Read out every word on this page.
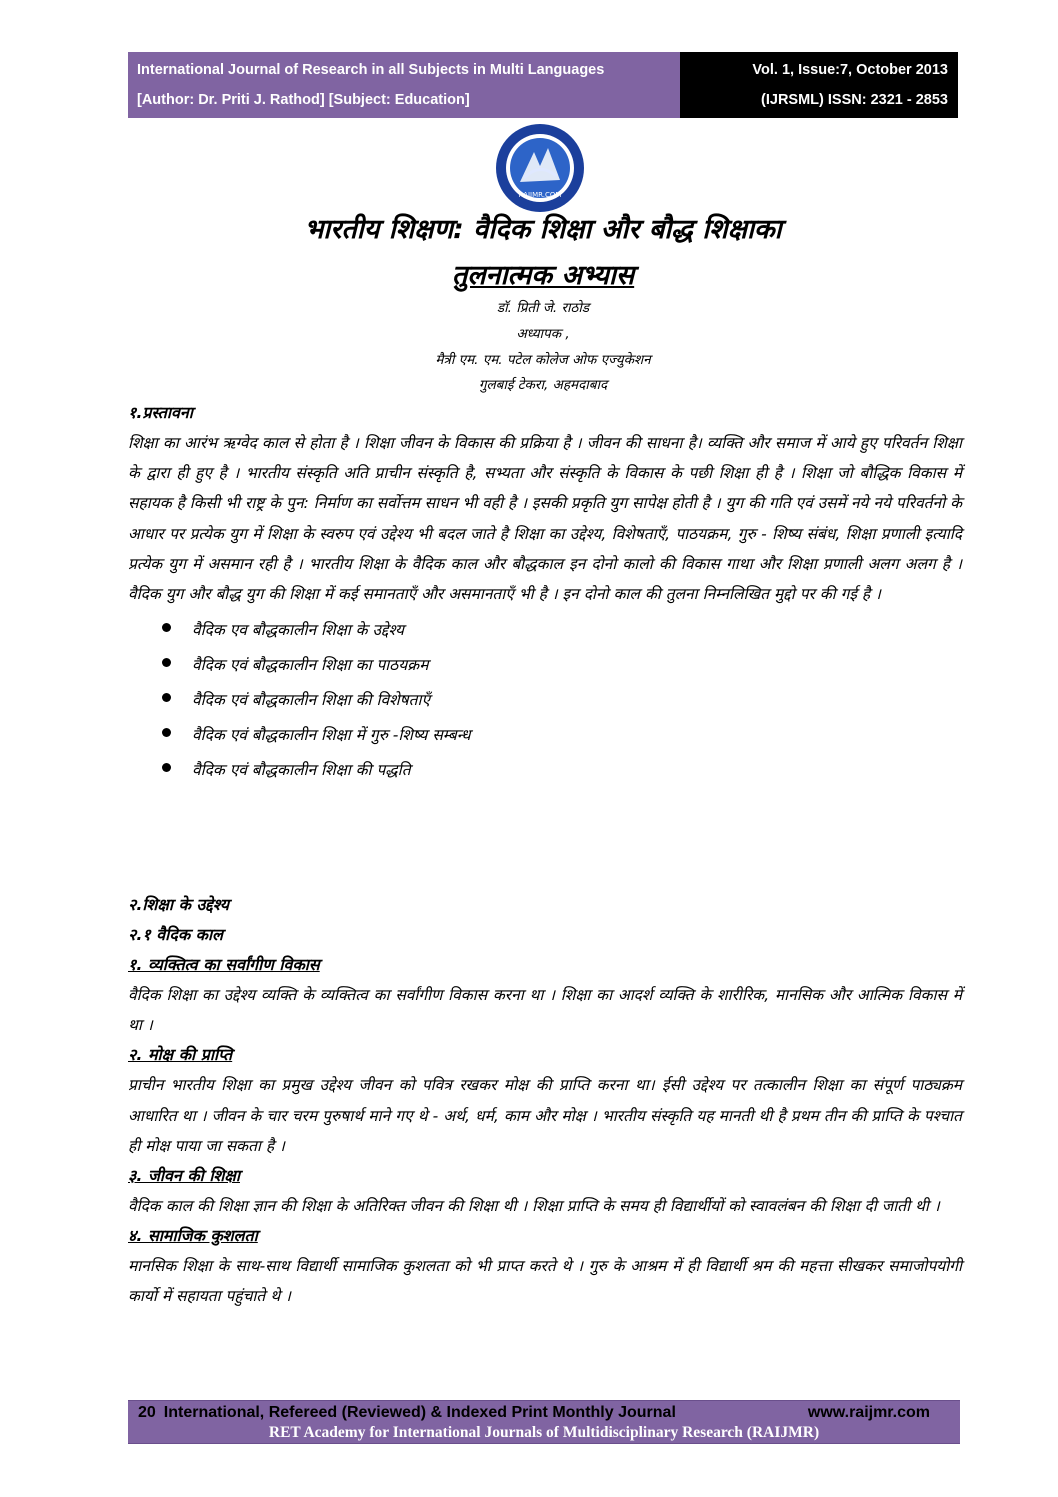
International Journal of Research in all Subjects in Multi Languages
[Author: Dr. Priti J. Rathod] [Subject: Education]
Vol. 1, Issue:7, October 2013
(IJRSML) ISSN: 2321 - 2853
RAIJMR.COM
भारतीय शिक्षण: वैदिक शिक्षा और बौद्ध शिक्षाका
तुलनात्मक अभ्यास
डॉ. प्रिती जे. राठोड
अध्यापक ,
मैत्री एम. एम. पटेल कोलेज ओफ एज्युकेशन
गुलबाई टेकरा, अहमदाबाद
१.प्रस्तावना

शिक्षा का आरंभ ऋग्वेद काल से होता है । शिक्षा जीवन के विकास की प्रक्रिया है । जीवन की साधना है। व्यक्ति और समाज में आये हुए परिवर्तन शिक्षा के द्वारा ही हुए है । भारतीय संस्कृति अति प्राचीन संस्कृति है, सभ्यता और संस्कृति के विकास के पछी शिक्षा ही है । शिक्षा जो बौद्धिक विकास में सहायक है किसी भी राष्ट्र के पुन: निर्माण का सर्वोत्तम साधन भी वही है । इसकी प्रकृति युग सापेक्ष होती है । युग की गति एवं उसमें नये नये परिवर्तनो के आधार पर प्रत्येक युग में शिक्षा के स्वरुप एवं उद्देश्य भी बदल जाते है शिक्षा का उद्देश्य, विशेषताएँ, पाठयक्रम, गुरु - शिष्य संबंध, शिक्षा प्रणाली इत्यादि प्रत्येक युग में असमान रही है । भारतीय शिक्षा के वैदिक काल और बौद्धकाल इन दोनो कालो की विकास गाथा और शिक्षा प्रणाली अलग अलग है । वैदिक युग और बौद्ध युग की शिक्षा में कई समानताएँ और असमानताएँ भी है । इन दोनो काल की तुलना निम्नलिखित मुद्दो पर की गई है ।

वैदिक एव बौद्धकालीन शिक्षा के उद्देश्य
वैदिक एवं बौद्धकालीन शिक्षा का पाठयक्रम
वैदिक एवं बौद्धकालीन शिक्षा की विशेषताएँ
वैदिक एवं बौद्धकालीन शिक्षा में गुरु -शिष्य सम्बन्ध
वैदिक एवं बौद्धकालीन शिक्षा की पद्धति
२.शिक्षा के उद्देश्य
२.१ वैदिक काल
१. व्यक्तित्व का सर्वांगीण विकास

वैदिक शिक्षा का उद्देश्य व्यक्ति के व्यक्तित्व का सर्वांगीण विकास करना था । शिक्षा का आदर्श व्यक्ति के शारीरिक, मानसिक और आत्मिक विकास में था ।

२. मोक्ष की प्राप्ति

प्राचीन भारतीय शिक्षा का प्रमुख उद्देश्य जीवन को पवित्र रखकर मोक्ष की प्राप्ति करना था। ईसी उद्देश्य पर तत्कालीन शिक्षा का संपूर्ण पाठ्यक्रम आधारित था । जीवन के चार चरम पुरुषार्थ माने गए थे - अर्थ, धर्म, काम और मोक्ष । भारतीय संस्कृति यह मानती थी है प्रथम तीन की प्राप्ति के पश्चात ही मोक्ष पाया जा सकता है ।

३. जीवन की शिक्षा

वैदिक काल की शिक्षा ज्ञान की शिक्षा के अतिरिक्त जीवन की शिक्षा थी । शिक्षा प्राप्ति के समय ही विद्यार्थीयों को स्वावलंबन की शिक्षा दी जाती थी ।

४. सामाजिक कुशलता

मानसिक शिक्षा के साथ-साथ विद्यार्थी सामाजिक कुशलता को भी प्राप्त करते थे । गुरु के आश्रम में ही विद्यार्थी श्रम की महत्ता सीखकर समाजोपयोगी कार्यो में सहायता पहुंचाते थे ।

20 International, Refereed (Reviewed) & Indexed Print Monthly Journal	www.raijmr.com
RET Academy for International Journals of Multidisciplinary Research (RAIJMR)
